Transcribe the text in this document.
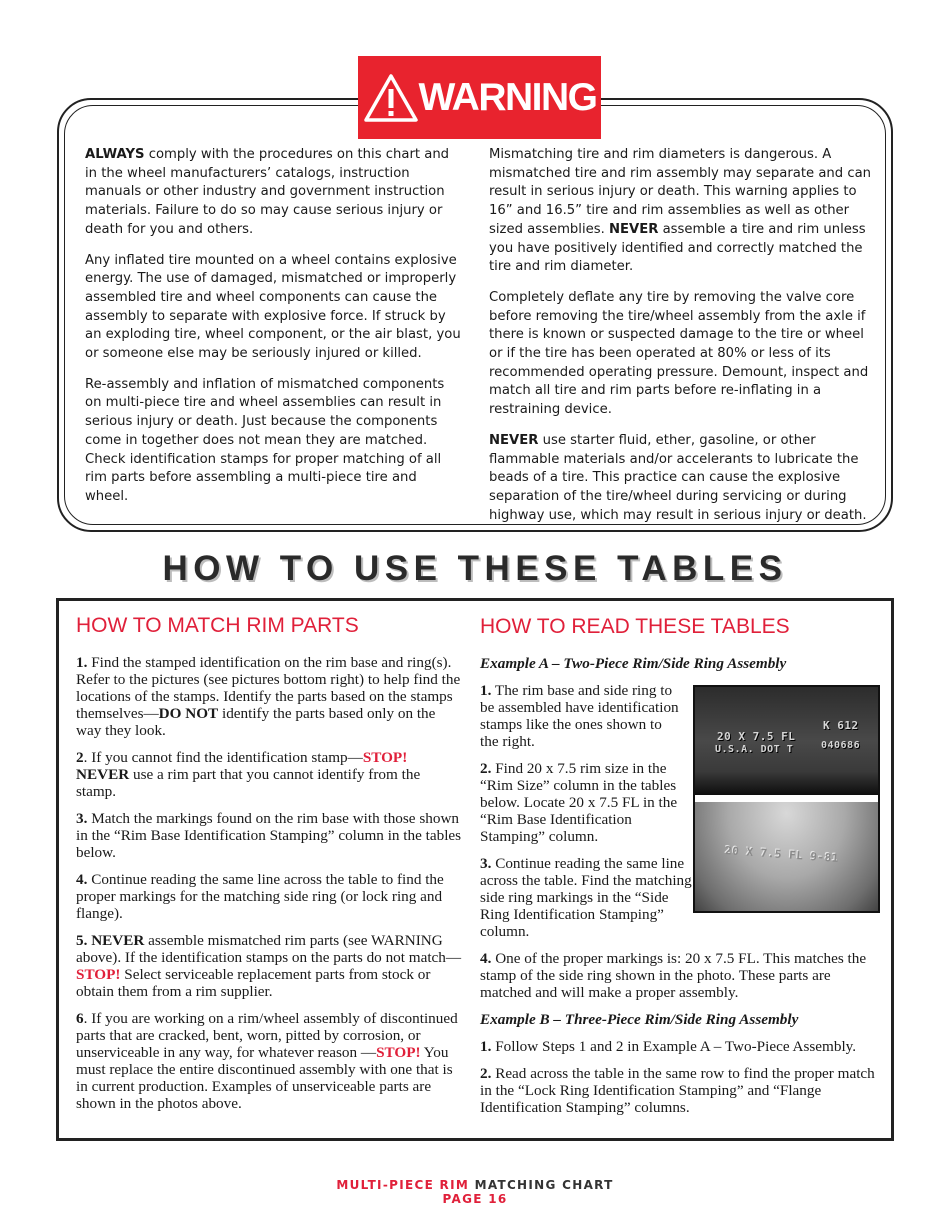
WARNING

ALWAYS comply with the procedures on this chart and in the wheel manufacturers’ catalogs, instruction manuals or other industry and government instruction materials. Failure to do so may cause serious injury or death for you and others.

Any inflated tire mounted on a wheel contains explosive energy. The use of damaged, mismatched or improperly assembled tire and wheel components can cause the assembly to separate with explosive force. If struck by an exploding tire, wheel component, or the air blast, you or someone else may be seriously injured or killed.

Re-assembly and inflation of mismatched components on multi-piece tire and wheel assemblies can result in serious injury or death. Just because the components come in together does not mean they are matched. Check identification stamps for proper matching of all rim parts before assembling a multi-piece tire and wheel.

Mismatching tire and rim diameters is dangerous. A mismatched tire and rim assembly may separate and can result in serious injury or death. This warning applies to 16” and 16.5” tire and rim assemblies as well as other sized assemblies. NEVER assemble a tire and rim unless you have positively identified and correctly matched the tire and rim diameter.

Completely deflate any tire by removing the valve core before removing the tire/wheel assembly from the axle if there is known or suspected damage to the tire or wheel or if the tire has been operated at 80% or less of its recommended operating pressure. Demount, inspect and match all tire and rim parts before re-inflating in a restraining device.

NEVER use starter fluid, ether, gasoline, or other flammable materials and/or accelerants to lubricate the beads of a tire. This practice can cause the explosive separation of the tire/wheel during servicing or during highway use, which may result in serious injury or death.

HOW TO USE THESE TABLES
HOW TO MATCH RIM PARTS	HOW TO READ THESE TABLES

1. Find the stamped identification on the rim base and ring(s). Refer to the pictures (see pictures bottom right) to help find the locations of the stamps. Identify the parts based on the stamps themselves—DO NOT identify the parts based only on the way they look.

2. If you cannot find the identification stamp—STOP!
NEVER use a rim part that you cannot identify from the stamp.

3. Match the markings found on the rim base with those shown in the “Rim Base Identification Stamping” column in the tables below.

4. Continue reading the same line across the table to find the proper markings for the matching side ring (or lock ring and flange).

5. NEVER assemble mismatched rim parts (see WARNING above). If the identification stamps on the parts do not match—STOP! Select serviceable replacement parts from stock or obtain them from a rim supplier.

6. If you are working on a rim/wheel assembly of discontinued parts that are cracked, bent, worn, pitted by corrosion, or unserviceable in any way, for whatever reason —STOP! You must replace the entire discontinued assembly with one that is in current production. Examples of unserviceable parts are shown in the photos above.

Example A – Two-Piece Rim/Side Ring Assembly

1. The rim base and side ring to be assembled have identification stamps like the ones shown to the right.

2. Find 20 x 7.5 rim size in the “Rim Size” column in the tables below. Locate 20 x 7.5 FL in the “Rim Base Identification Stamping” column.

3. Continue reading the same line across the table. Find the matching side ring markings in the “Side Ring Identification Stamping” column.

4. One of the proper markings is: 20 x 7.5 FL. This matches the stamp of the side ring shown in the photo. These parts are matched and will make a proper assembly.

Example B – Three-Piece Rim/Side Ring Assembly

1. Follow Steps 1 and 2 in Example A – Two-Piece Assembly.

2. Read across the table in the same row to find the proper match in the “Lock Ring Identification Stamping” and “Flange Identification Stamping” columns.

20 X 7.5 FL
U.S.A. DOT T
K 612
040686
20 X 7.5 FL 9-81
MULTI-PIECE RIM MATCHING CHART
PAGE 16
